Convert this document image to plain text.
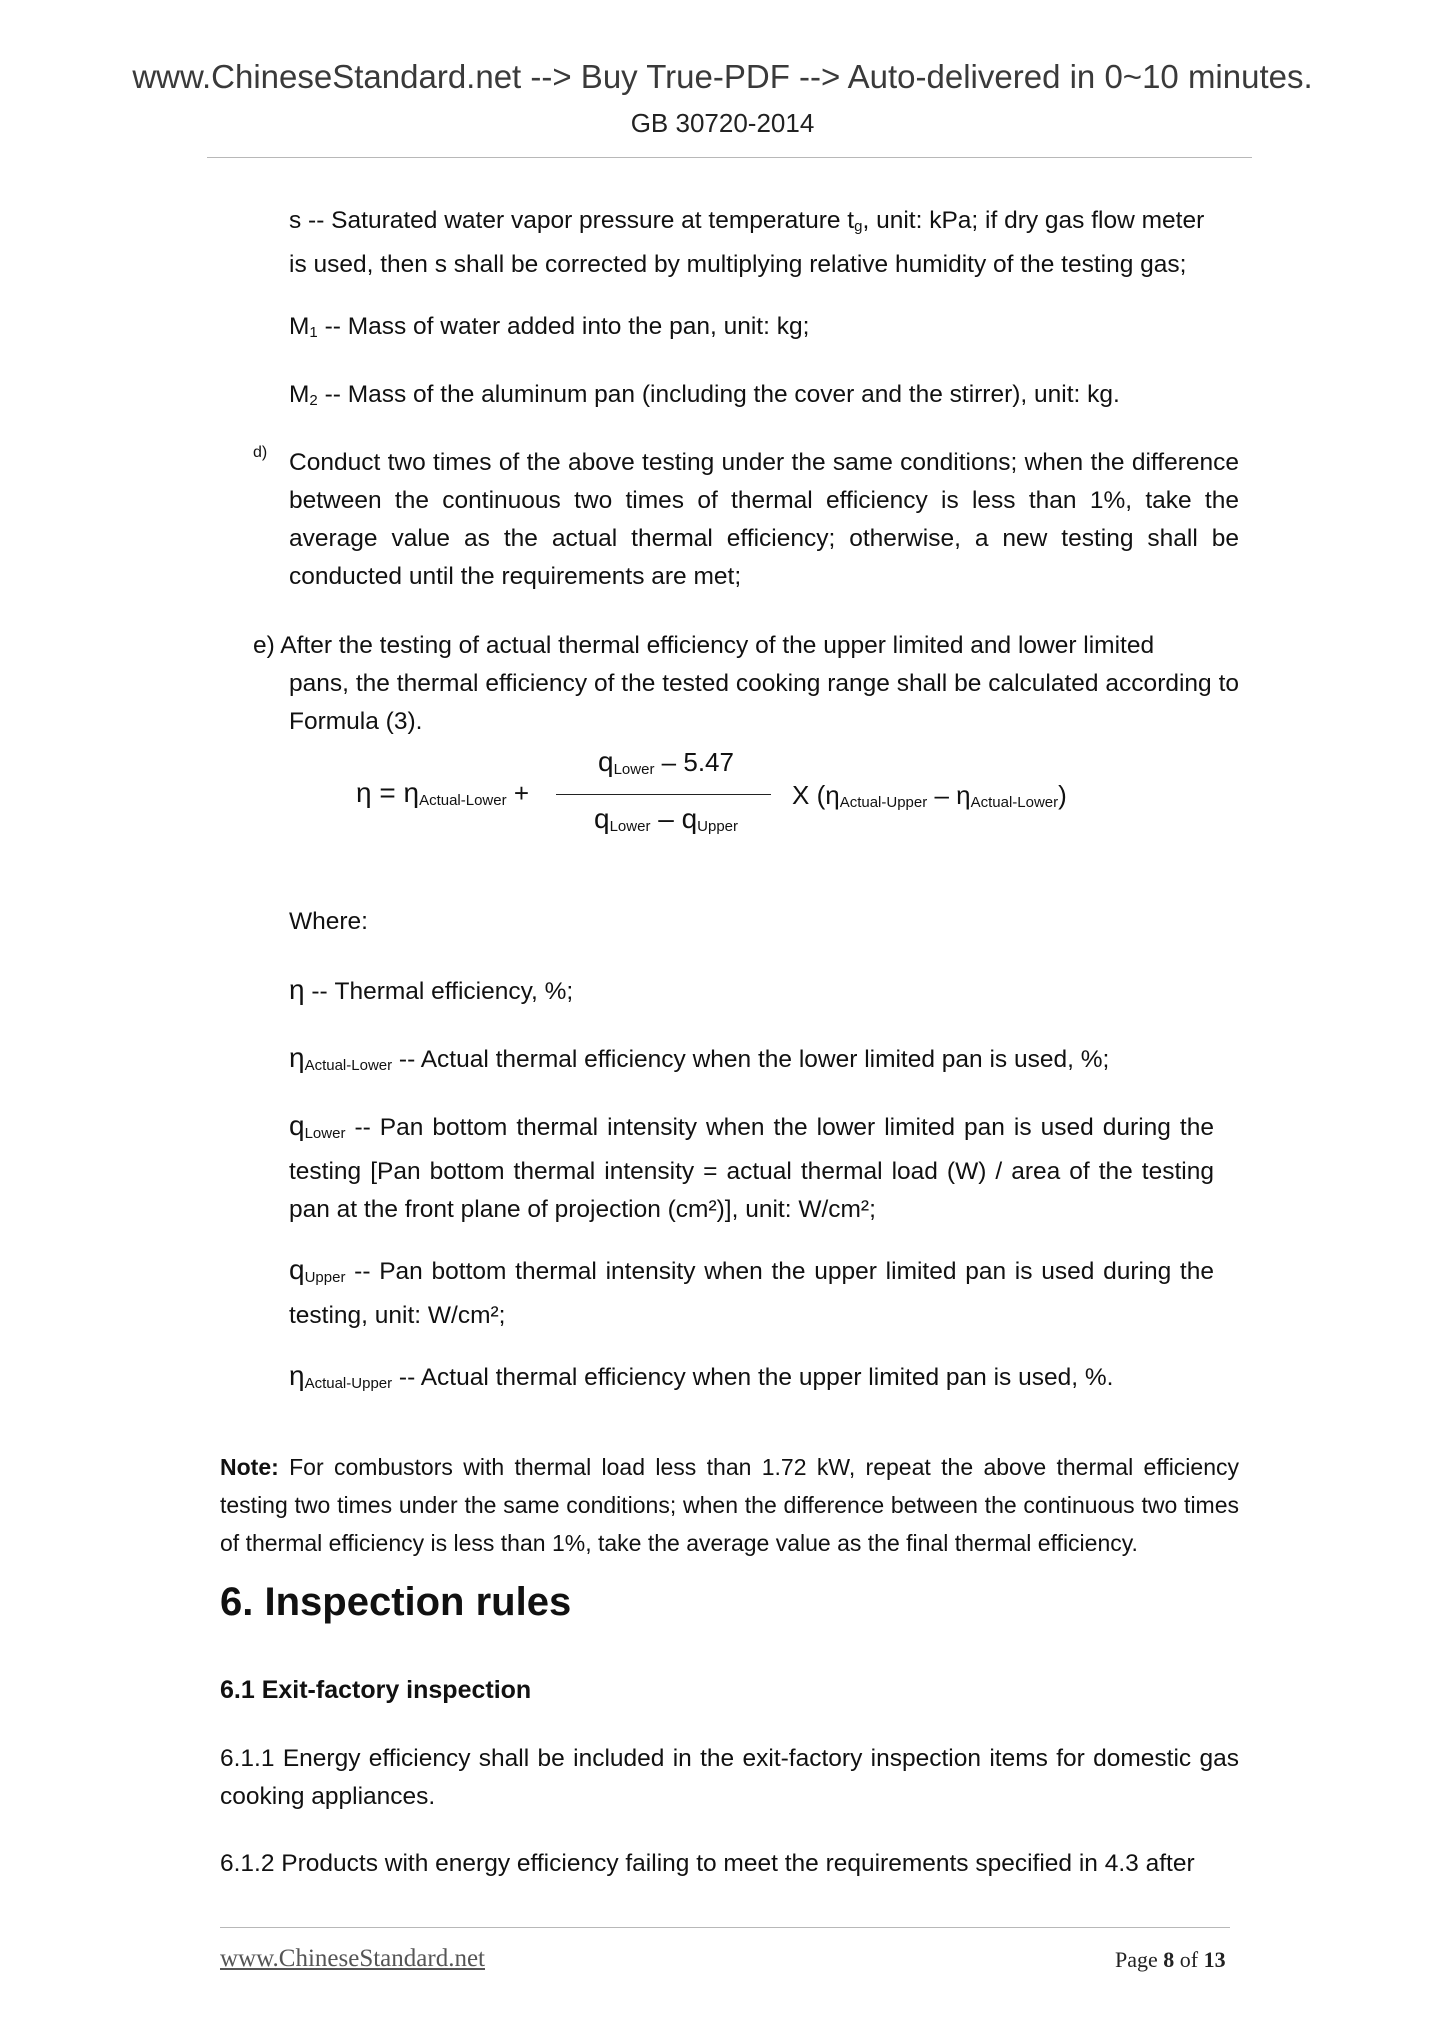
www.ChineseStandard.net --> Buy True-PDF --> Auto-delivered in 0~10 minutes.
GB 30720-2014

s -- Saturated water vapor pressure at temperature $t_g$, unit: kPa; if dry gas flow meter

is used, then s shall be corrected by multiplying relative humidity of the testing gas;

$M_1$ -- Mass of water added into the pan, unit: kg;

$M_2$ -- Mass of the aluminum pan (including the cover and the stirrer), unit: kg.

d) Conduct two times of the above testing under the same conditions; when the difference between the continuous two times of thermal efficiency is less than 1%, take the average value as the actual thermal efficiency; otherwise, a new testing shall be conducted until the requirements are met;

e) After the testing of actual thermal efficiency of the upper limited and lower limited

pans, the thermal efficiency of the tested cooking range shall be calculated according to Formula (3).

$\eta = \eta_{Actual-Lower}$ +
$q_{Lower} - 5.47$
$q_{Lower} - q_{Upper}$
X $(\eta_{Actual-Upper} - \eta_{Actual-Lower})$
Where:

η -- Thermal efficiency, %;

$\eta_{Actual-Lower}$ -- Actual thermal efficiency when the lower limited pan is used, %;

$q_{Lower}$ -- Pan bottom thermal intensity when the lower limited pan is used during the testing [Pan bottom thermal intensity = actual thermal load (W) / area of the testing pan at the front plane of projection (cm²)], unit: W/cm²;

$q_{Upper}$ -- Pan bottom thermal intensity when the upper limited pan is used during the testing, unit: W/cm²;

$\eta_{Actual-Upper}$ -- Actual thermal efficiency when the upper limited pan is used, %.

Note: For combustors with thermal load less than 1.72 kW, repeat the above thermal efficiency testing two times under the same conditions; when the difference between the continuous two times of thermal efficiency is less than 1%, take the average value as the final thermal efficiency.

6. Inspection rules
6.1 Exit-factory inspection

6.1.1 Energy efficiency shall be included in the exit-factory inspection items for domestic gas cooking appliances.

6.1.2 Products with energy efficiency failing to meet the requirements specified in 4.3 after

www.ChineseStandard.net	Page 8 of 13
